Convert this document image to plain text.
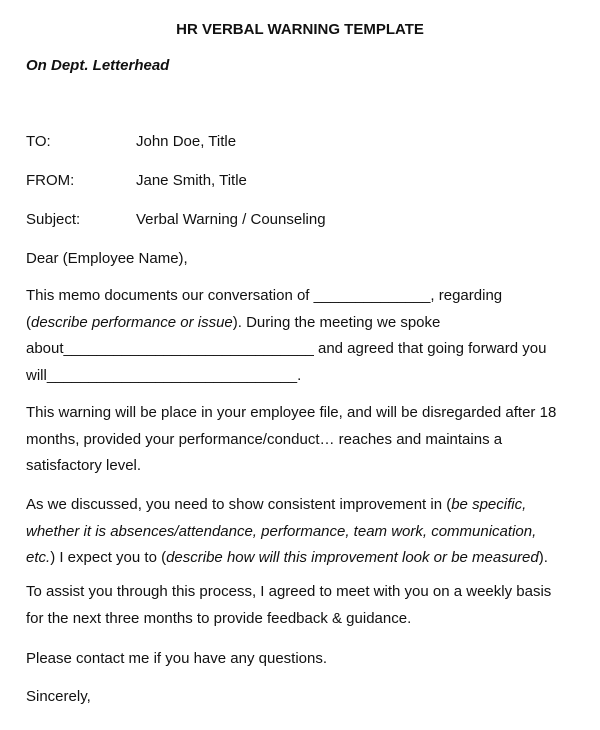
HR VERBAL WARNING TEMPLATE
On Dept. Letterhead
TO:	John Doe, Title
FROM:	Jane Smith, Title
Subject:	Verbal Warning / Counseling
Dear (Employee Name),
This memo documents our conversation of ______________, regarding
(describe performance or issue). During the meeting we spoke
about______________________________ and agreed that going forward you
will______________________________.
This warning will be place in your employee file, and will be disregarded after 18
months, provided your performance/conduct… reaches and maintains a
satisfactory level.
As we discussed, you need to show consistent improvement in (be specific,
whether it is absences/attendance, performance, team work, communication,
etc.) I expect you to (describe how will this improvement look or be measured).
To assist you through this process, I agreed to meet with you on a weekly basis
for the next three months to provide feedback & guidance.
Please contact me if you have any questions.
Sincerely,
